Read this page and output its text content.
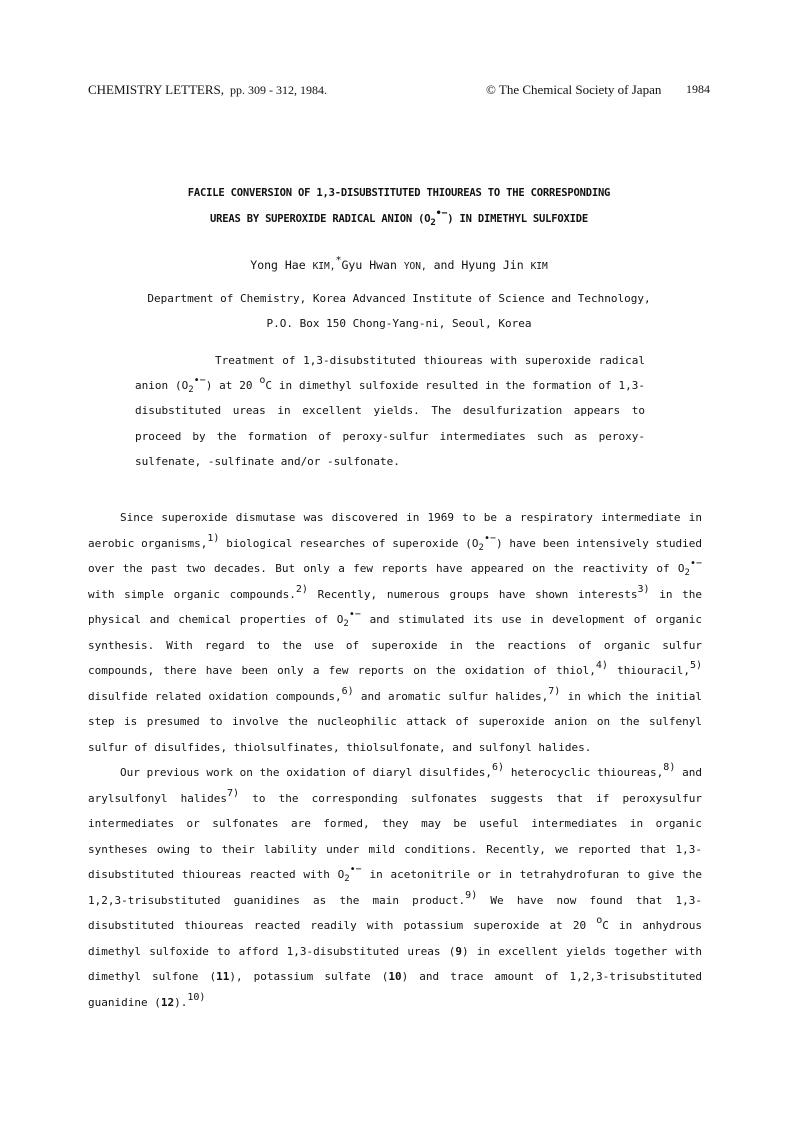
CHEMISTRY LETTERS, pp. 309 - 312, 1984.	© The Chemical Society of Japan 1984
FACILE CONVERSION OF 1,3-DISUBSTITUTED THIOUREAS TO THE CORRESPONDING
UREAS BY SUPEROXIDE RADICAL ANION $(O_2^{•-})$ IN DIMETHYL SULFOXIDE
Yong Hae KIM,*Gyu Hwan YON, and Hyung Jin KIM
Department of Chemistry, Korea Advanced Institute of Science and Technology,
P.O. Box 150 Chong-Yang-ni, Seoul, Korea

Treatment of 1,3-disubstituted thioureas with superoxide radical anion $(O_2^{•-})$ at 20 $^o$C in dimethyl sulfoxide resulted in the formation of 1,3-disubstituted ureas in excellent yields. The desulfurization appears to proceed by the formation of peroxy-sulfur intermediates such as peroxy-sulfenate, -sulfinate and/or -sulfonate.

Since superoxide dismutase was discovered in 1969 to be a respiratory intermediate in aerobic organisms,$^{1)}$ biological researches of superoxide $(O_2^{•-})$ have been intensively studied over the past two decades. But only a few reports have appeared on the reactivity of $O_2^{•-}$ with simple organic compounds.$^{2)}$ Recently, numerous groups have shown interests$^{3)}$ in the physical and chemical properties of $O_2^{•-}$ and stimulated its use in development of organic synthesis. With regard to the use of superoxide in the reactions of organic sulfur compounds, there have been only a few reports on the oxidation of thiol,$^{4)}$ thiouracil,$^{5)}$ disulfide related oxidation compounds,$^{6)}$ and aromatic sulfur halides,$^{7)}$ in which the initial step is presumed to involve the nucleophilic attack of superoxide anion on the sulfenyl sulfur of disulfides, thiolsulfinates, thiolsulfonate, and sulfonyl halides.

Our previous work on the oxidation of diaryl disulfides,$^{6)}$ heterocyclic thioureas,$^{8)}$ and arylsulfonyl halides$^{7)}$ to the corresponding sulfonates suggests that if peroxysulfur intermediates or sulfonates are formed, they may be useful intermediates in organic syntheses owing to their lability under mild conditions. Recently, we reported that 1,3-disubstituted thioureas reacted with $O_2^{•-}$ in acetonitrile or in tetrahydrofuran to give the 1,2,3-trisubstituted guanidines as the main product.$^{9)}$ We have now found that 1,3-disubstituted thioureas reacted readily with potassium superoxide at 20 $^o$C in anhydrous dimethyl sulfoxide to afford 1,3-disubstituted ureas (9) in excellent yields together with dimethyl sulfone (11), potassium sulfate (10) and trace amount of 1,2,3-trisubstituted guanidine (12).$^{10)}$
